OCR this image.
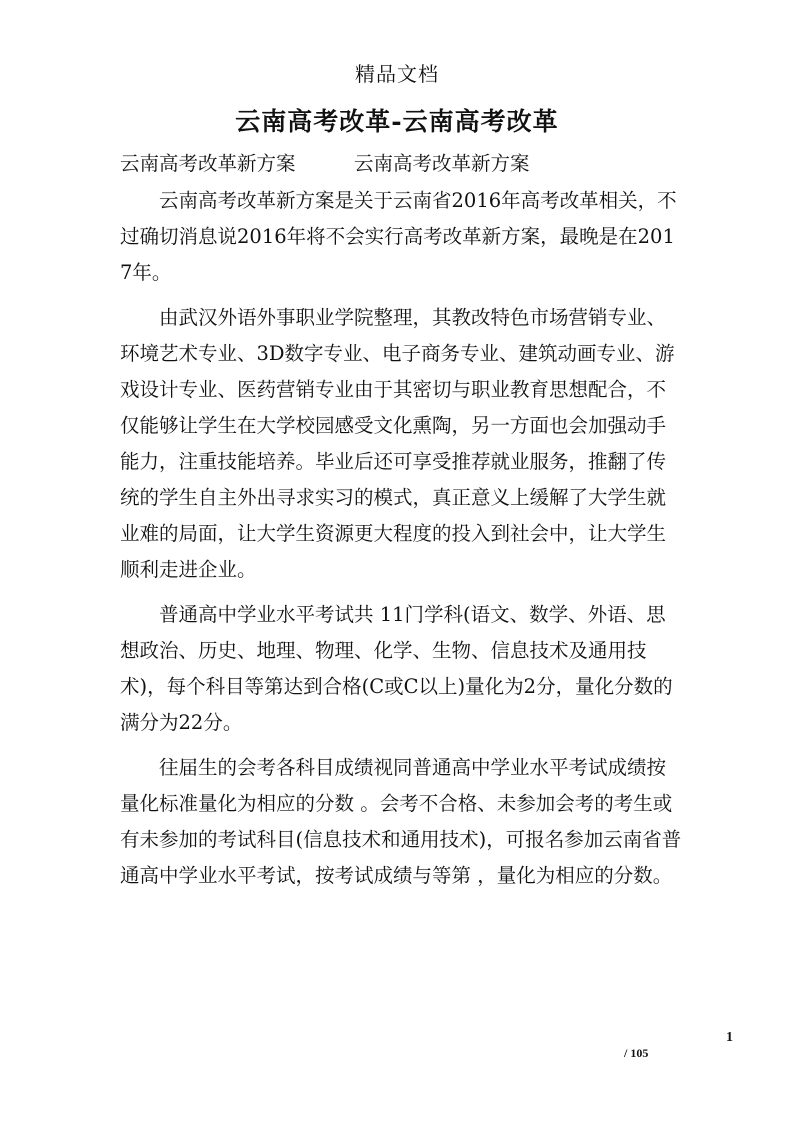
精品文档
云南高考改革-云南高考改革
云南高考改革新方案　　　云南高考改革新方案

云南高考改革新方案是关于云南省2016年高考改革相关，不过确切消息说2016年将不会实行高考改革新方案，最晚是在2017年。

由武汉外语外事职业学院整理，其教改特色市场营销专业、环境艺术专业、3D数字专业、电子商务专业、建筑动画专业、游戏设计专业、医药营销专业由于其密切与职业教育思想配合，不仅能够让学生在大学校园感受文化熏陶，另一方面也会加强动手能力，注重技能培养。毕业后还可享受推荐就业服务，推翻了传统的学生自主外出寻求实习的模式，真正意义上缓解了大学生就业难的局面，让大学生资源更大程度的投入到社会中，让大学生顺利走进企业。

普通高中学业水平考试共 11门学科(语文、数学、外语、思想政治、历史、地理、物理、化学、生物、信息技术及通用技术)，每个科目等第达到合格(C或C以上)量化为2分，量化分数的满分为22分。

往届生的会考各科目成绩视同普通高中学业水平考试成绩按量化标准量化为相应的分数 。会考不合格、未参加会考的考生或有未参加的考试科目(信息技术和通用技术)，可报名参加云南省普通高中学业水平考试，按考试成绩与等第 ，量化为相应的分数。

1
/ 105
